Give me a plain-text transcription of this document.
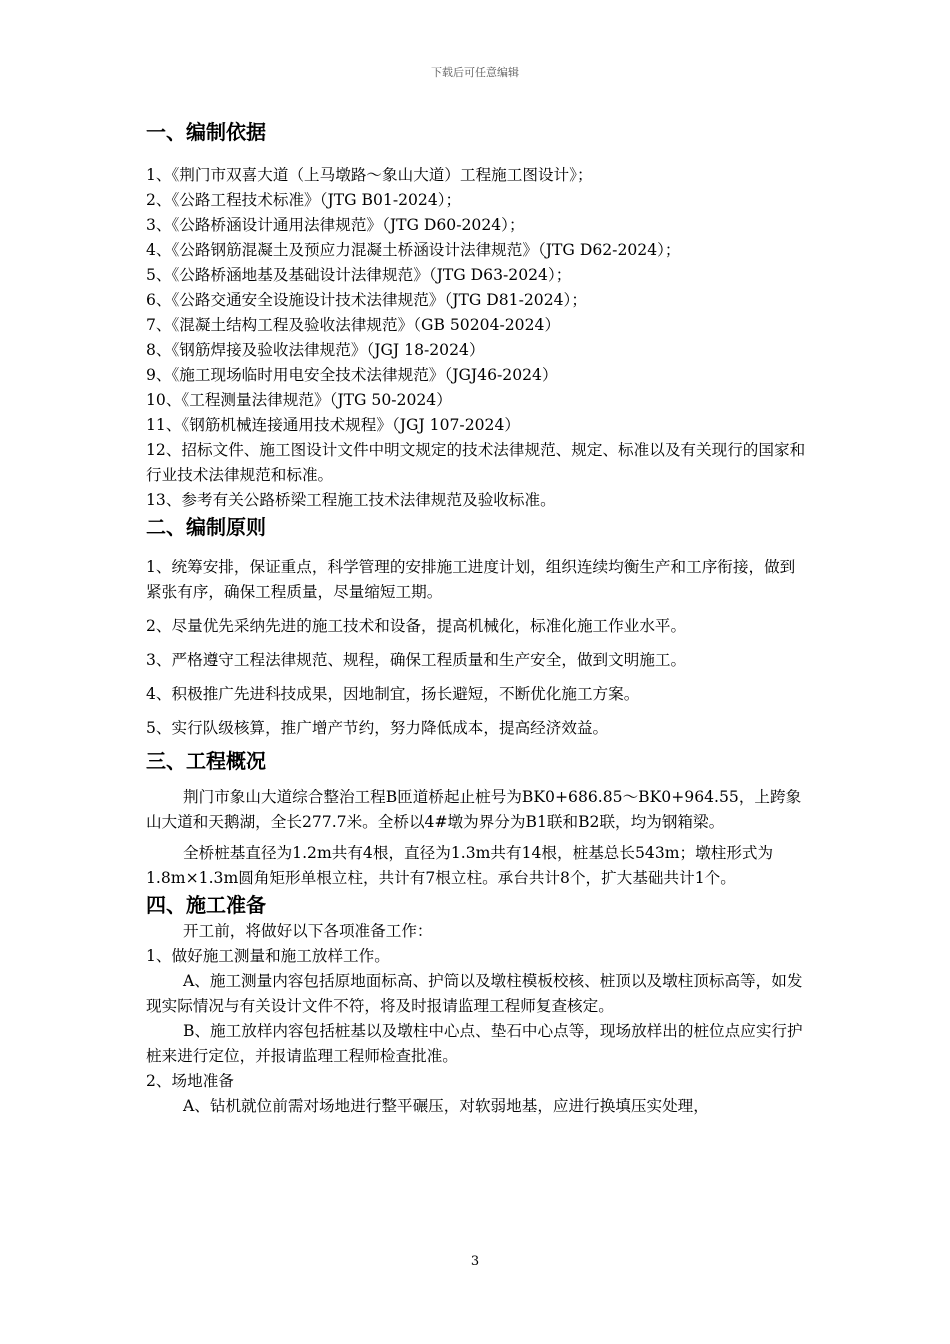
下载后可任意编辑
一、编制依据

1、《荆门市双喜大道（上马墩路～象山大道）工程施工图设计》；

2、《公路工程技术标准》（JTG B01-2024）；

3、《公路桥涵设计通用法律规范》（JTG D60-2024）；

4、《公路钢筋混凝土及预应力混凝土桥涵设计法律规范》（JTG D62-2024）；

5、《公路桥涵地基及基础设计法律规范》（JTG D63-2024）；

6、《公路交通安全设施设计技术法律规范》（JTG D81-2024）；

7、《混凝土结构工程及验收法律规范》（GB 50204-2024）

8、《钢筋焊接及验收法律规范》（JGJ 18-2024）

9、《施工现场临时用电安全技术法律规范》（JGJ46-2024）

10、《工程测量法律规范》（JTG 50-2024）

11、《钢筋机械连接通用技术规程》（JGJ 107-2024）

12、招标文件、施工图设计文件中明文规定的技术法律规范、规定、标准以及有关现行的国家和行业技术法律规范和标准。

13、参考有关公路桥梁工程施工技术法律规范及验收标准。

二、编制原则

1、统筹安排，保证重点，科学管理的安排施工进度计划，组织连续均衡生产和工序衔接，做到紧张有序，确保工程质量，尽量缩短工期。

2、尽量优先采纳先进的施工技术和设备，提高机械化，标准化施工作业水平。

3、严格遵守工程法律规范、规程，确保工程质量和生产安全，做到文明施工。

4、积极推广先进科技成果，因地制宜，扬长避短，不断优化施工方案。

5、实行队级核算，推广增产节约，努力降低成本，提高经济效益。

三、工程概况

荆门市象山大道综合整治工程B匝道桥起止桩号为BK0+686.85～BK0+964.55，上跨象山大道和天鹅湖，全长277.7米。全桥以4#墩为界分为B1联和B2联，均为钢箱梁。

全桥桩基直径为1.2m共有4根，直径为1.3m共有14根，桩基总长543m；墩柱形式为1.8m×1.3m圆角矩形单根立柱，共计有7根立柱。承台共计8个，扩大基础共计1个。

四、施工准备

开工前，将做好以下各项准备工作：

1、做好施工测量和施工放样工作。

A、施工测量内容包括原地面标高、护筒以及墩柱模板校核、桩顶以及墩柱顶标高等，如发现实际情况与有关设计文件不符，将及时报请监理工程师复查核定。

B、施工放样内容包括桩基以及墩柱中心点、垫石中心点等，现场放样出的桩位点应实行护桩来进行定位，并报请监理工程师检查批准。

2、场地准备

A、钻机就位前需对场地进行整平碾压，对软弱地基，应进行换填压实处理，

3
